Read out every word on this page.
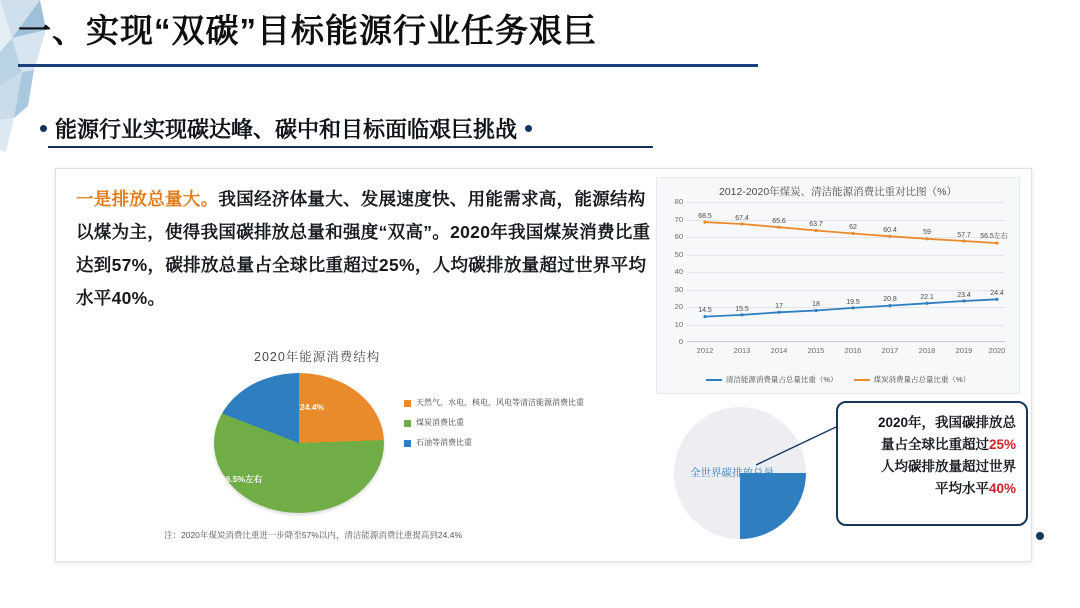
一、实现“双碳”目标能源行业任务艰巨
能源行业实现碳达峰、碳中和目标面临艰巨挑战
一是排放总量大。我国经济体量大、发展速度快、用能需求高，能源结构以煤为主，使得我国碳排放总量和强度“双高”。2020年我国煤炭消费比重达到57%，碳排放总量占全球比重超过25%，人均碳排放量超过世界平均水平40%。
2020年能源消费结构
24.4%
56.5%左右
19.1%左右
天然气、水电、核电、风电等清洁能源消费比重
煤炭消费比重
石油等消费比重
注：2020年煤炭消费比重进一步降至57%以内，清洁能源消费比重提高到24.4%
2012-2020年煤炭、清洁能源消费比重对比图（%）
80
70
60
50
40
30
20
10
0
68.5	67.4	65.6	63.7	62	60.4	59	57.7 56.5左右
14.5	15.5	17	18	19.5	20.8	22.1	23.4	24.4
2012	2013	2014	2015	2016	2017	2018	2019 2020
清洁能源消费量占总量比重（%）	煤炭消费量占总量比重（%）
全世界碳排放总量

2020年，我国碳排放总

量占全球比重超过25%

人均碳排放量超过世界

平均水平40%
